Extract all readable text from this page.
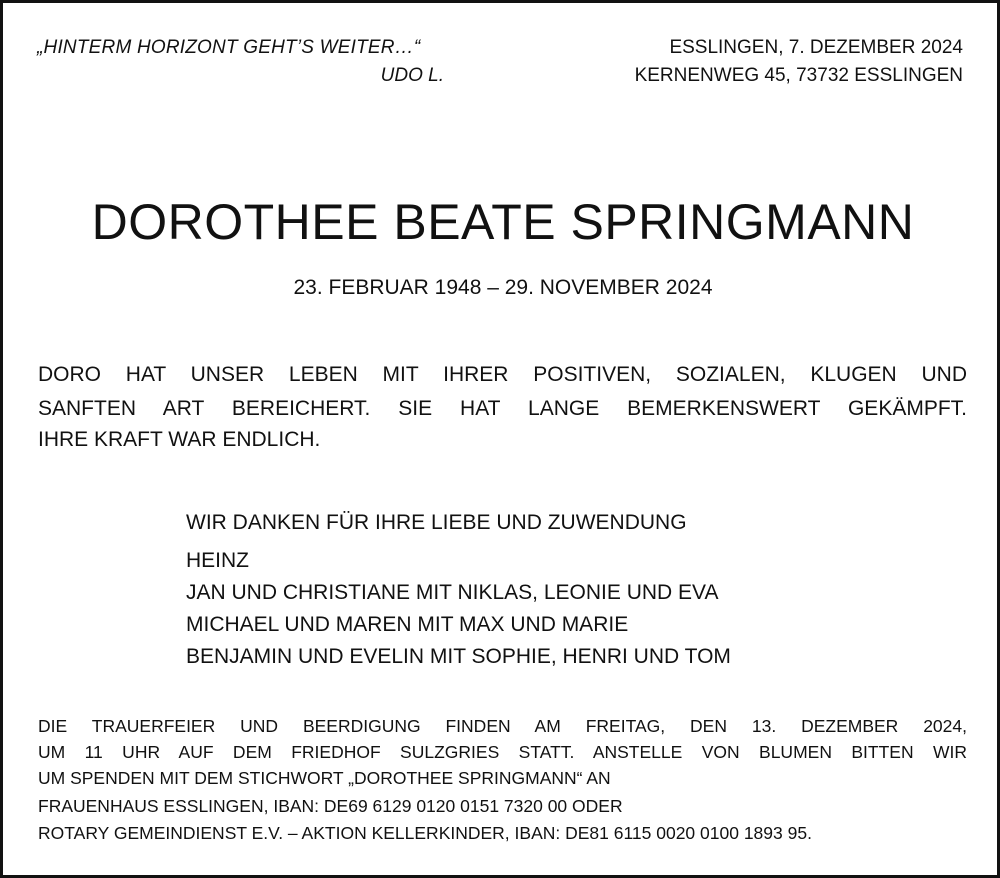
„HINTERM HORIZONT GEHT’S WEITER…“
UDO L.
ESSLINGEN, 7. DEZEMBER 2024
KERNENWEG 45, 73732 ESSLINGEN
DOROTHEE BEATE SPRINGMANN
23. FEBRUAR 1948 – 29. NOVEMBER 2024
DORO HAT UNSER LEBEN MIT IHRER POSITIVEN, SOZIALEN, KLUGEN UND
SANFTEN ART BEREICHERT. SIE HAT LANGE BEMERKENSWERT GEKÄMPFT.
IHRE KRAFT WAR ENDLICH.
WIR DANKEN FÜR IHRE LIEBE UND ZUWENDUNG
HEINZ
JAN UND CHRISTIANE MIT NIKLAS, LEONIE UND EVA
MICHAEL UND MAREN MIT MAX UND MARIE
BENJAMIN UND EVELIN MIT SOPHIE, HENRI UND TOM
DIE TRAUERFEIER UND BEERDIGUNG FINDEN AM FREITAG, DEN 13. DEZEMBER 2024,
UM 11 UHR AUF DEM FRIEDHOF SULZGRIES STATT. ANSTELLE VON BLUMEN BITTEN WIR
UM SPENDEN MIT DEM STICHWORT „DOROTHEE SPRINGMANN“ AN
FRAUENHAUS ESSLINGEN, IBAN: DE69 6129 0120 0151 7320 00 ODER
ROTARY GEMEINDIENST E.V. – AKTION KELLERKINDER, IBAN: DE81 6115 0020 0100 1893 95.
